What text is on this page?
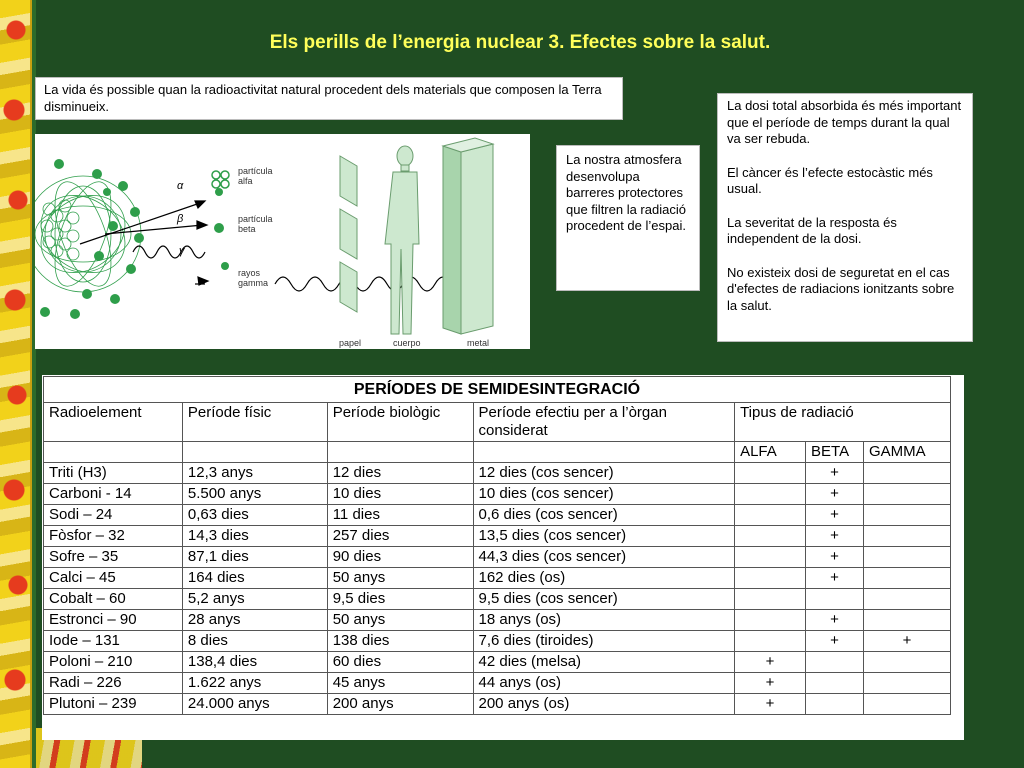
Els perills de l’energia nuclear 3. Efectes sobre la salut.
La vida és possible quan la radioactivitat natural procedent dels materials que composen la Terra disminueix.
α
β
γ
partícula
alfa
partícula
beta
rayos
gamma
papel	cuerpo	metal
La nostra atmosfera desenvolupa barreres protectores que filtren la radiació procedent de l’espai.

La dosi total absorbida és més important que el període de temps durant la qual va ser rebuda.

El càncer és l’efecte estocàstic més usual.

La severitat de la resposta és independent de la dosi.

No existeix dosi de seguretat en el cas d'efectes de radiacions ionitzants sobre la salut.

PERÍODES DE SEMIDESINTEGRACIÓ						
Radioelement	Període físic	Període biològic	Període efectiu per a l’òrgan considerat	Tipus de radiació		
				ALFA	BETA	GAMMA
Triti (H3)	12,3 anys	12 dies	12 dies (cos sencer)		+	
Carboni - 14	5.500 anys	10 dies	10 dies (cos sencer)		+	
Sodi – 24	0,63 dies	11 dies	0,6 dies (cos sencer)		+	
Fòsfor – 32	14,3 dies	257 dies	13,5 dies (cos sencer)		+	
Sofre – 35	87,1 dies	90 dies	44,3 dies (cos sencer)		+	
Calci – 45	164 dies	50 anys	162 dies (os)		+	
Cobalt – 60	5,2 anys	9,5 dies	9,5 dies (cos sencer)			
Estronci – 90	28 anys	50 anys	18 anys (os)		+	
Iode – 131	8 dies	138 dies	7,6 dies (tiroides)		+	+
Poloni – 210	138,4 dies	60 dies	42 dies (melsa)	+		
Radi – 226	1.622 anys	45 anys	44 anys (os)	+		
Plutoni – 239	24.000 anys	200 anys	200 anys (os)	+		
